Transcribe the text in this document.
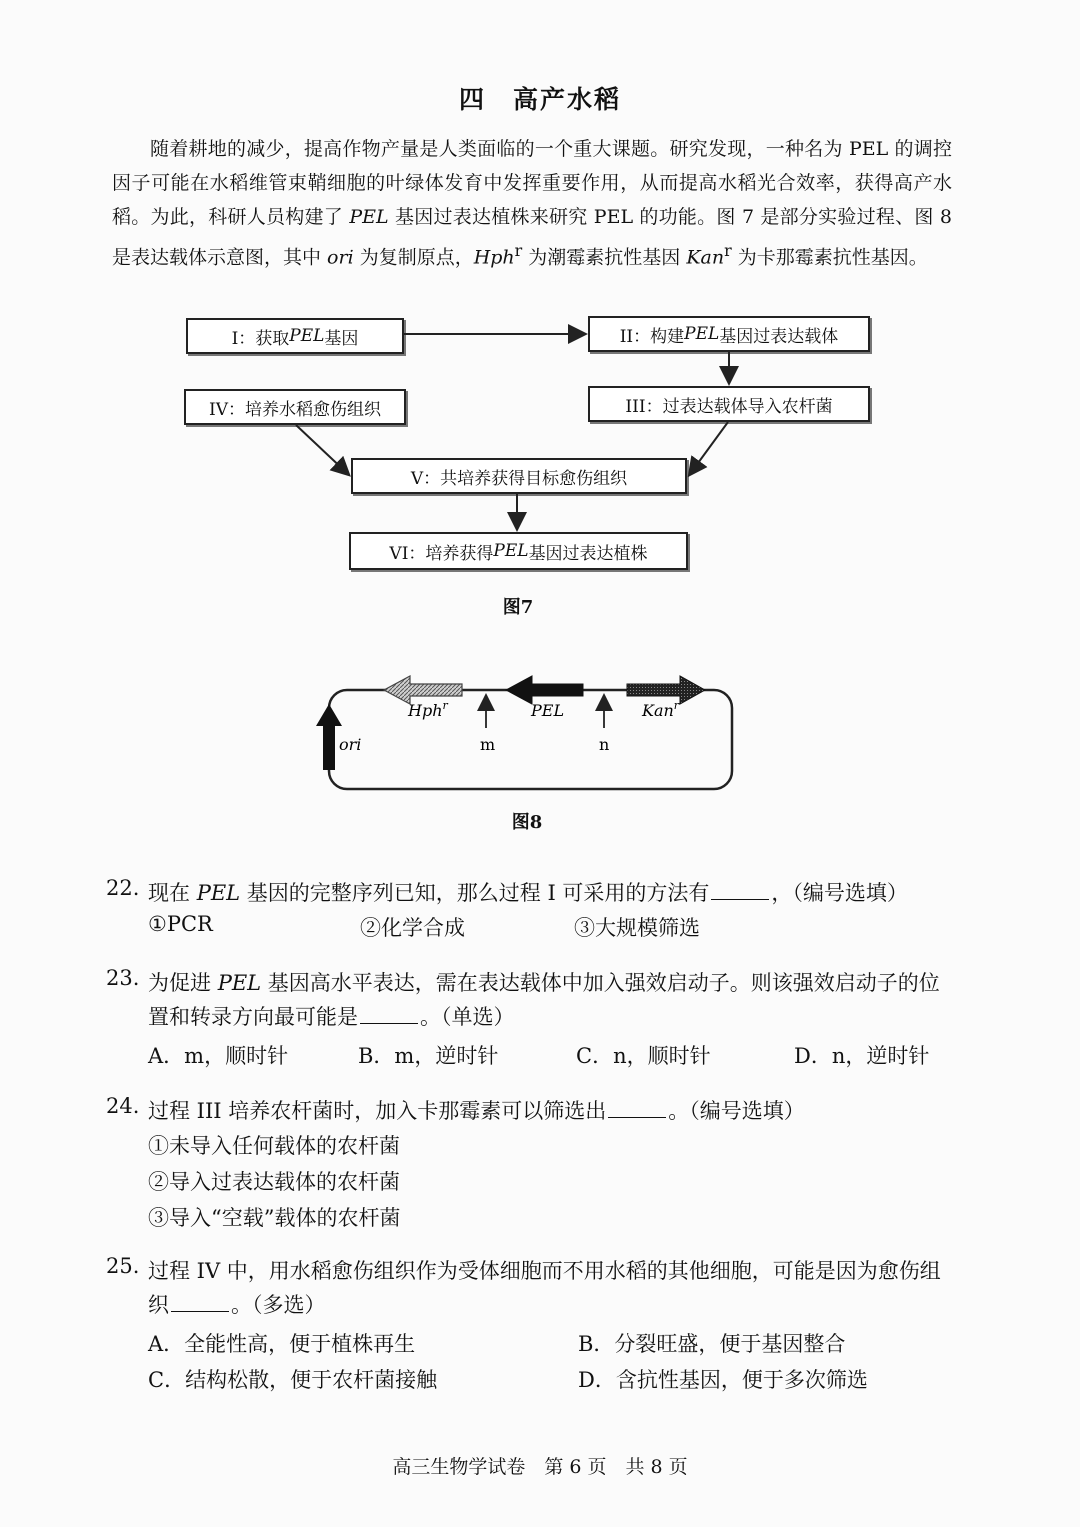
四　高产水稻

随着耕地的减少，提高作物产量是人类面临的一个重大课题。研究发现，一种名为 PEL 的调控因子可能在水稻维管束鞘细胞的叶绿体发育中发挥重要作用，从而提高水稻光合效率，获得高产水稻。为此，科研人员构建了 PEL 基因过表达植株来研究 PEL 的功能。图 7 是部分实验过程、图 8 是表达载体示意图，其中 ori 为复制原点，Hph$^r$ 为潮霉素抗性基因 Kan$^r$ 为卡那霉素抗性基因。

I：获取 PEL 基因	II：构建 PEL 基因过表达载体
III：过表达载体导入农杆菌
IV：培养水稻愈伤组织
V：共培养获得目标愈伤组织
VI：培养获得 PEL 基因过表达植株
图7
Hph$^r$	PEL	Kan$^r$
ori	m	n
图8
22. 现在 PEL 基因的完整序列已知，那么过程 I 可采用的方法有	，（编号选填）
①PCR	②化学合成	③大规模筛选
23. 为促进 PEL 基因高水平表达，需在表达载体中加入强效启动子。则该强效启动子的位置和转录方向最可能是	。（单选）
A．m，顺时针	B．m，逆时针	C．n，顺时针	D．n，逆时针
24. 过程 III 培养农杆菌时，加入卡那霉素可以筛选出	。（编号选填）
①未导入任何载体的农杆菌
②导入过表达载体的农杆菌
③导入“空载”载体的农杆菌
25. 过程 IV 中，用水稻愈伤组织作为受体细胞而不用水稻的其他细胞，可能是因为愈伤组织	。（多选）
A．全能性高，便于植株再生	B．分裂旺盛，便于基因整合
C．结构松散，便于农杆菌接触	D．含抗性基因，便于多次筛选
高三生物学试卷　第 6 页　共 8 页
